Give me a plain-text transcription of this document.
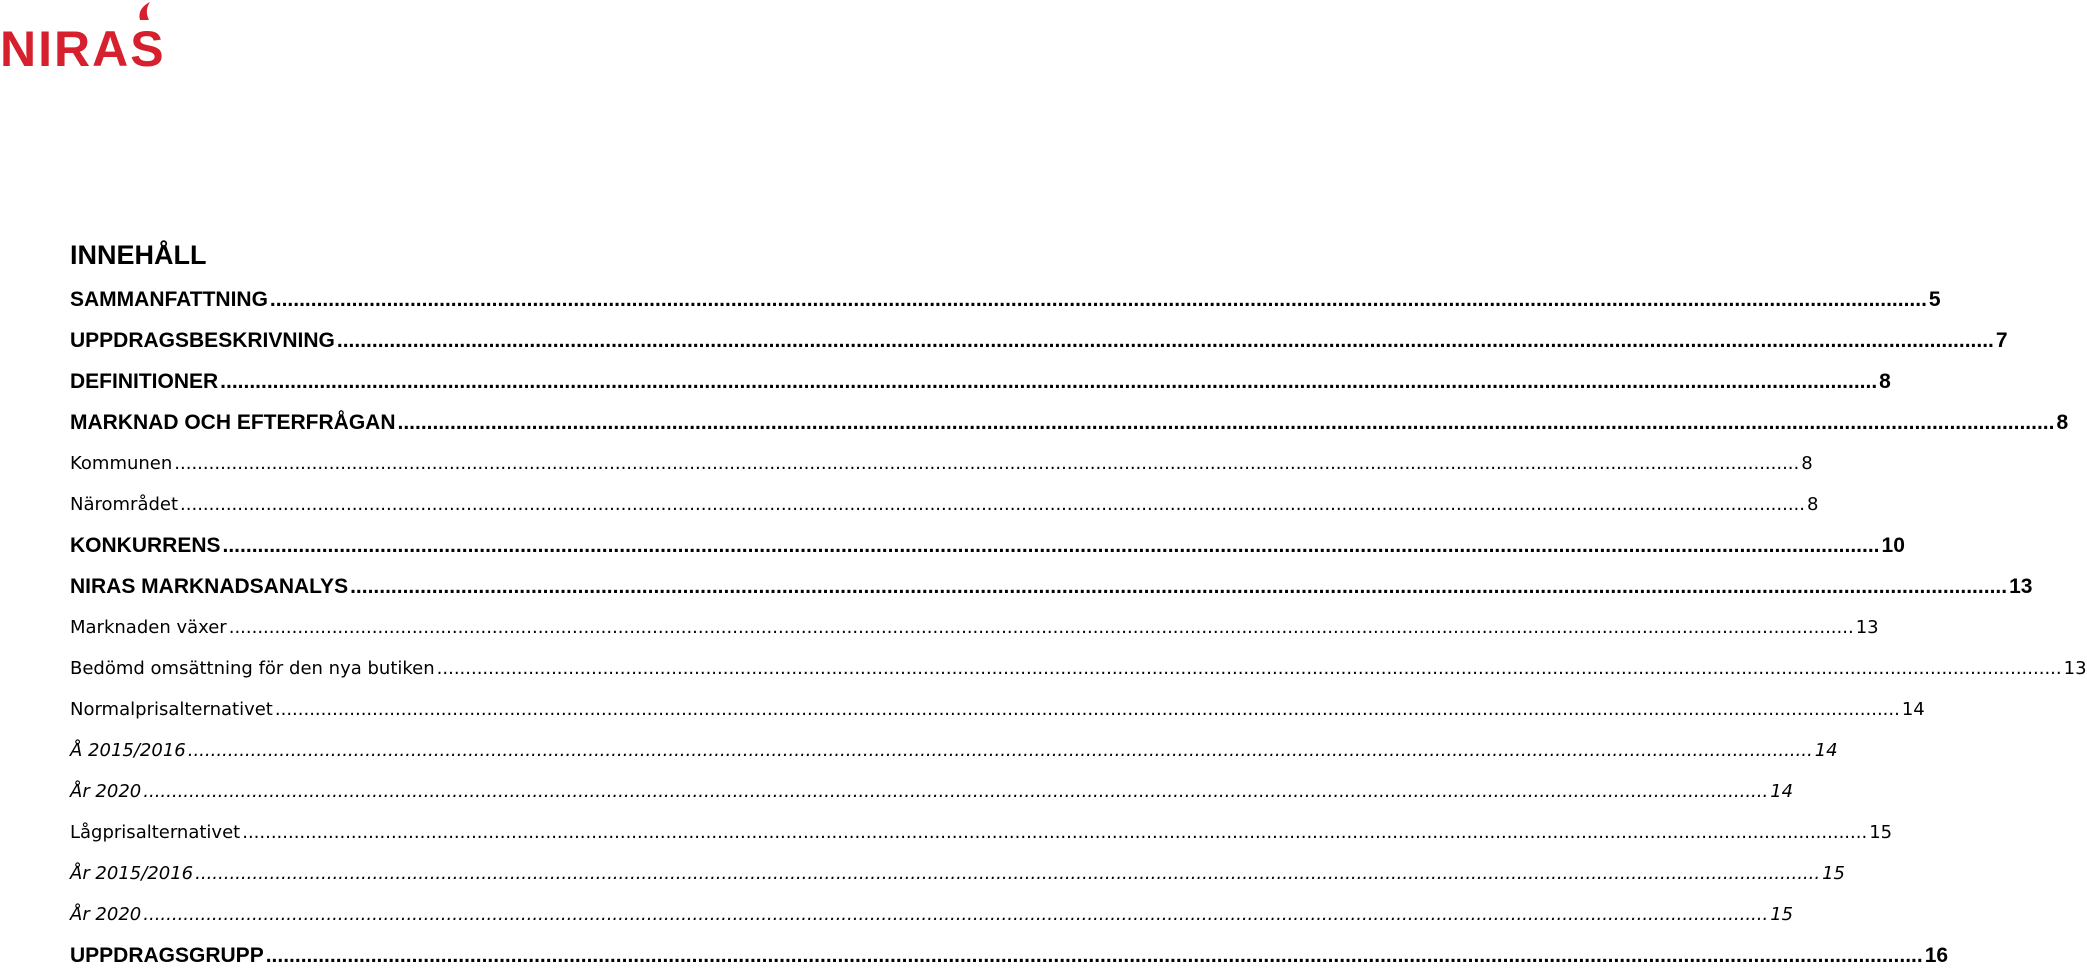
NIRAS
INNEHÅLL
SAMMANFATTNING .....	5
UPPDRAGSBESKRIVNING .....	7
DEFINITIONER .....	8
MARKNAD OCH EFTERFRÅGAN .....	8
Kommunen .....	8
Närområdet .....	8
KONKURRENS .....	10
NIRAS MARKNADSANALYS .....	13
Marknaden växer .....	13
Bedömd omsättning för den nya butiken .....	13
Normalprisalternativet .....	14
Å 2015/2016 .....	14
År 2020 .....	14
Lågprisalternativet .....	15
År 2015/2016 .....	15
År 2020 .....	15
UPPDRAGSGRUPP .....	16
